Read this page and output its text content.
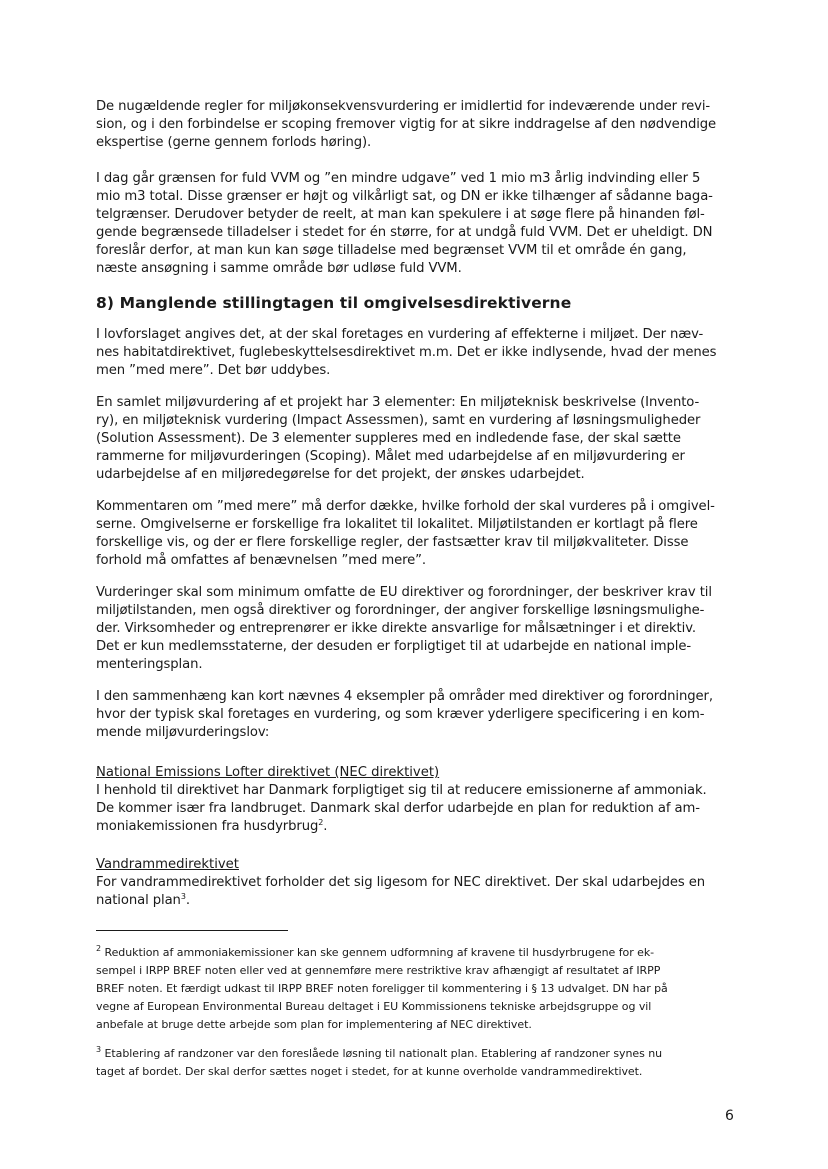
De nugældende regler for miljøkonsekvensvurdering er imidlertid for indeværende under revi-
sion, og i den forbindelse er scoping fremover vigtig for at sikre inddragelse af den nødvendige
ekspertise (gerne gennem forlods høring).

I dag går grænsen for fuld VVM og ”en mindre udgave” ved 1 mio m3 årlig indvinding eller 5
mio m3 total. Disse grænser er højt og vilkårligt sat, og DN er ikke tilhænger af sådanne baga-
telgrænser. Derudover betyder de reelt, at man kan spekulere i at søge flere på hinanden føl-
gende begrænsede tilladelser i stedet for én større, for at undgå fuld VVM. Det er uheldigt. DN
foreslår derfor, at man kun kan søge tilladelse med begrænset VVM til et område én gang,
næste ansøgning i samme område bør udløse fuld VVM.

8) Manglende stillingtagen til omgivelsesdirektiverne

I lovforslaget angives det, at der skal foretages en vurdering af effekterne i miljøet. Der næv-
nes habitatdirektivet, fuglebeskyttelsesdirektivet m.m. Det er ikke indlysende, hvad der menes
men ”med mere”. Det bør uddybes.

En samlet miljøvurdering af et projekt har 3 elementer: En miljøteknisk beskrivelse (Invento-
ry), en miljøteknisk vurdering (Impact Assessmen), samt en vurdering af løsningsmuligheder
(Solution Assessment). De 3 elementer suppleres med en indledende fase, der skal sætte
rammerne for miljøvurderingen (Scoping). Målet med udarbejdelse af en miljøvurdering er
udarbejdelse af en miljøredegørelse for det projekt, der ønskes udarbejdet.

Kommentaren om ”med mere” må derfor dække, hvilke forhold der skal vurderes på i omgivel-
serne. Omgivelserne er forskellige fra lokalitet til lokalitet. Miljøtilstanden er kortlagt på flere
forskellige vis, og der er flere forskellige regler, der fastsætter krav til miljøkvaliteter. Disse
forhold må omfattes af benævnelsen ”med mere”.

Vurderinger skal som minimum omfatte de EU direktiver og forordninger, der beskriver krav til
miljøtilstanden, men også direktiver og forordninger, der angiver forskellige løsningsmulighe-
der. Virksomheder og entreprenører er ikke direkte ansvarlige for målsætninger i et direktiv.
Det er kun medlemsstaterne, der desuden er forpligtiget til at udarbejde en national imple-
menteringsplan.

I den sammenhæng kan kort nævnes 4 eksempler på områder med direktiver og forordninger,
hvor der typisk skal foretages en vurdering, og som kræver yderligere specificering i en kom-
mende miljøvurderingslov:

National Emissions Lofter direktivet (NEC direktivet)

I henhold til direktivet har Danmark forpligtiget sig til at reducere emissionerne af ammoniak.
De kommer især fra landbruget. Danmark skal derfor udarbejde en plan for reduktion af am-
moniakemissionen fra husdyrbrug$^2$.

Vandrammedirektivet

For vandrammedirektivet forholder det sig ligesom for NEC direktivet. Der skal udarbejdes en
national plan$^3$.

$^2$ Reduktion af ammoniakemissioner kan ske gennem udformning af kravene til husdyrbrugene for ek-
sempel i IRPP BREF noten eller ved at gennemføre mere restriktive krav afhængigt af resultatet af IRPP
BREF noten. Et færdigt udkast til IRPP BREF noten foreligger til kommentering i § 13 udvalget. DN har på
vegne af European Environmental Bureau deltaget i EU Kommissionens tekniske arbejdsgruppe og vil
anbefale at bruge dette arbejde som plan for implementering af NEC direktivet.

$^3$ Etablering af randzoner var den foreslåede løsning til nationalt plan. Etablering af randzoner synes nu
taget af bordet. Der skal derfor sættes noget i stedet, for at kunne overholde vandrammedirektivet.

6
